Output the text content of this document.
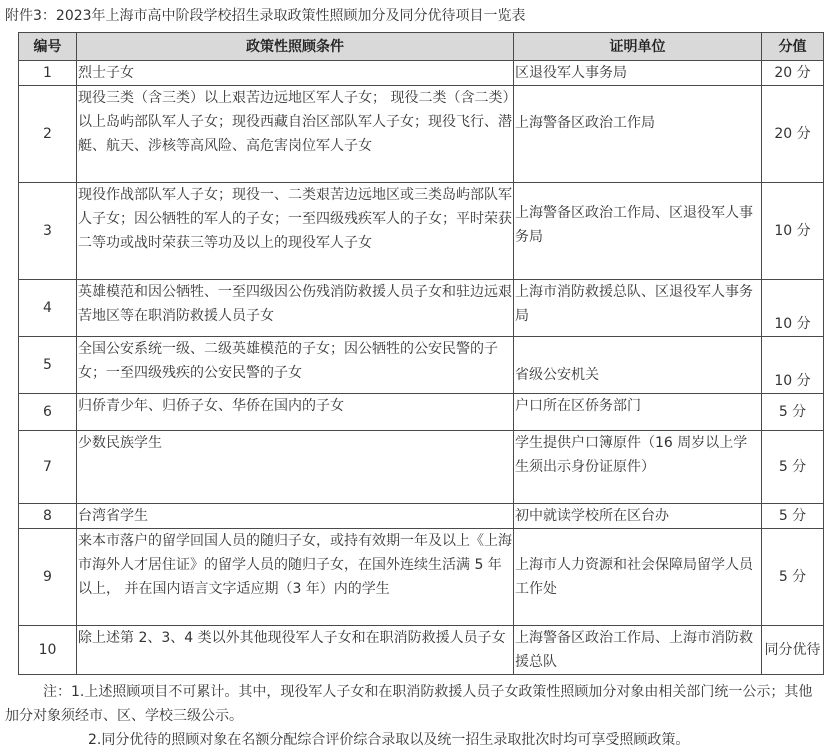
附件3：2023年上海市高中阶段学校招生录取政策性照顾加分及同分优待项目一览表
编号	政策性照顾条件	证明单位	分值
1	烈士子女	区退役军人事务局	20 分
2	现役三类（含三类）以上艰苦边远地区军人子女； 现役二类（含二类）以上岛屿部队军人子女；现役西藏自治区部队军人子女；现役飞行、潜艇、航天、涉核等高风险、高危害岗位军人子女	上海警备区政治工作局	20 分
3	现役作战部队军人子女；现役一、二类艰苦边远地区或三类岛屿部队军人子女；因公牺牲的军人的子女；一至四级残疾军人的子女；平时荣获二等功或战时荣获三等功及以上的现役军人子女	上海警备区政治工作局、区退役军人事务局	10 分
4	英雄模范和因公牺牲、一至四级因公伤残消防救援人员子女和驻边远艰苦地区等在职消防救援人员子女	上海市消防救援总队、区退役军人事务局	10 分
5	全国公安系统一级、二级英雄模范的子女；因公牺牲的公安民警的子女；一至四级残疾的公安民警的子女	省级公安机关	10 分
6	归侨青少年、归侨子女、华侨在国内的子女	户口所在区侨务部门	5 分
7	少数民族学生	学生提供户口簿原件（16 周岁以上学生须出示身份证原件）	5 分
8	台湾省学生	初中就读学校所在区台办	5 分
9	来本市落户的留学回国人员的随归子女，或持有效期一年及以上《上海市海外人才居住证》的留学人员的随归子女，在国外连续生活满 5 年以上， 并在国内语言文字适应期（3 年）内的学生	上海市人力资源和社会保障局留学人员工作处	5 分
10	除上述第 2、3、4 类以外其他现役军人子女和在职消防救援人员子女	上海警备区政治工作局、上海市消防救援总队	同分优待
注：1.上述照顾项目不可累计。其中，现役军人子女和在职消防救援人员子女政策性照顾加分对象由相关部门统一公示；其他加分对象须经市、区、学校三级公示。
2.同分优待的照顾对象在名额分配综合评价综合录取以及统一招生录取批次时均可享受照顾政策。
